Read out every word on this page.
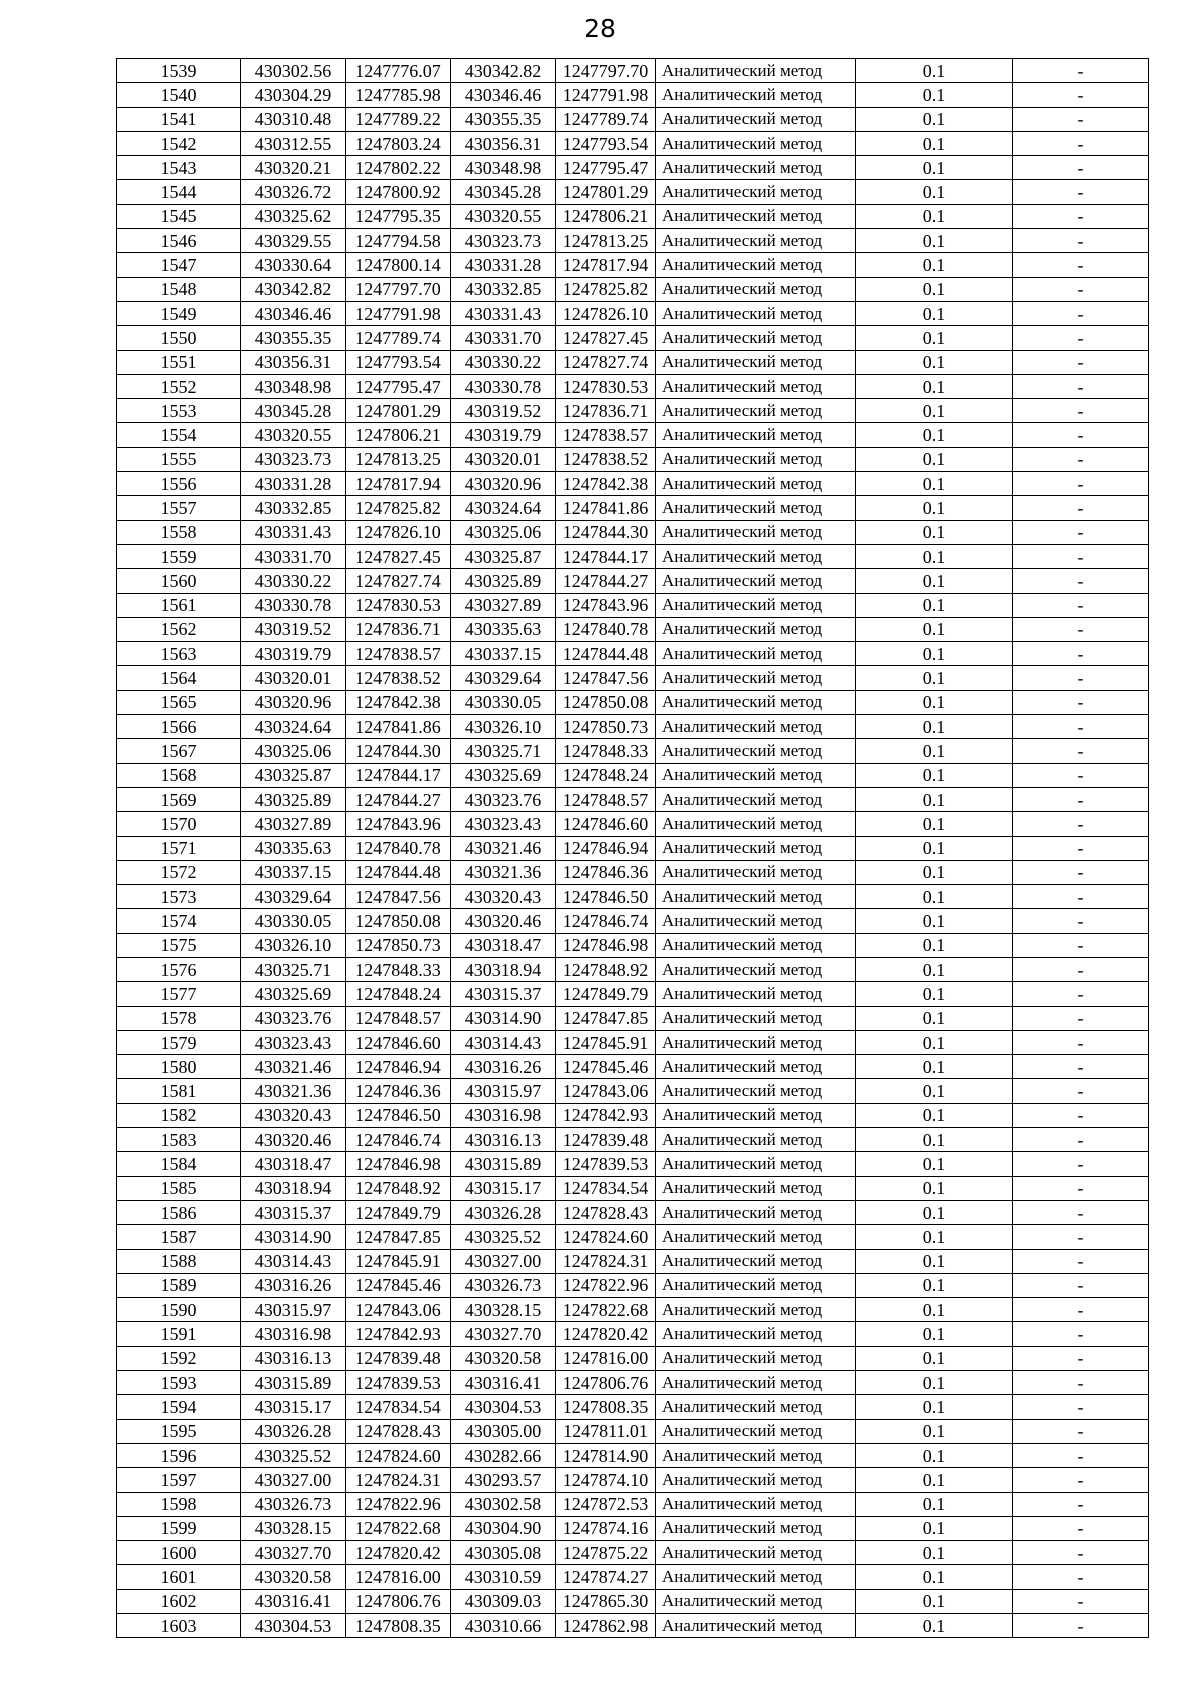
28
1539	430302.56	1247776.07	430342.82	1247797.70	Аналитический метод	0.1	-
1540	430304.29	1247785.98	430346.46	1247791.98	Аналитический метод	0.1	-
1541	430310.48	1247789.22	430355.35	1247789.74	Аналитический метод	0.1	-
1542	430312.55	1247803.24	430356.31	1247793.54	Аналитический метод	0.1	-
1543	430320.21	1247802.22	430348.98	1247795.47	Аналитический метод	0.1	-
1544	430326.72	1247800.92	430345.28	1247801.29	Аналитический метод	0.1	-
1545	430325.62	1247795.35	430320.55	1247806.21	Аналитический метод	0.1	-
1546	430329.55	1247794.58	430323.73	1247813.25	Аналитический метод	0.1	-
1547	430330.64	1247800.14	430331.28	1247817.94	Аналитический метод	0.1	-
1548	430342.82	1247797.70	430332.85	1247825.82	Аналитический метод	0.1	-
1549	430346.46	1247791.98	430331.43	1247826.10	Аналитический метод	0.1	-
1550	430355.35	1247789.74	430331.70	1247827.45	Аналитический метод	0.1	-
1551	430356.31	1247793.54	430330.22	1247827.74	Аналитический метод	0.1	-
1552	430348.98	1247795.47	430330.78	1247830.53	Аналитический метод	0.1	-
1553	430345.28	1247801.29	430319.52	1247836.71	Аналитический метод	0.1	-
1554	430320.55	1247806.21	430319.79	1247838.57	Аналитический метод	0.1	-
1555	430323.73	1247813.25	430320.01	1247838.52	Аналитический метод	0.1	-
1556	430331.28	1247817.94	430320.96	1247842.38	Аналитический метод	0.1	-
1557	430332.85	1247825.82	430324.64	1247841.86	Аналитический метод	0.1	-
1558	430331.43	1247826.10	430325.06	1247844.30	Аналитический метод	0.1	-
1559	430331.70	1247827.45	430325.87	1247844.17	Аналитический метод	0.1	-
1560	430330.22	1247827.74	430325.89	1247844.27	Аналитический метод	0.1	-
1561	430330.78	1247830.53	430327.89	1247843.96	Аналитический метод	0.1	-
1562	430319.52	1247836.71	430335.63	1247840.78	Аналитический метод	0.1	-
1563	430319.79	1247838.57	430337.15	1247844.48	Аналитический метод	0.1	-
1564	430320.01	1247838.52	430329.64	1247847.56	Аналитический метод	0.1	-
1565	430320.96	1247842.38	430330.05	1247850.08	Аналитический метод	0.1	-
1566	430324.64	1247841.86	430326.10	1247850.73	Аналитический метод	0.1	-
1567	430325.06	1247844.30	430325.71	1247848.33	Аналитический метод	0.1	-
1568	430325.87	1247844.17	430325.69	1247848.24	Аналитический метод	0.1	-
1569	430325.89	1247844.27	430323.76	1247848.57	Аналитический метод	0.1	-
1570	430327.89	1247843.96	430323.43	1247846.60	Аналитический метод	0.1	-
1571	430335.63	1247840.78	430321.46	1247846.94	Аналитический метод	0.1	-
1572	430337.15	1247844.48	430321.36	1247846.36	Аналитический метод	0.1	-
1573	430329.64	1247847.56	430320.43	1247846.50	Аналитический метод	0.1	-
1574	430330.05	1247850.08	430320.46	1247846.74	Аналитический метод	0.1	-
1575	430326.10	1247850.73	430318.47	1247846.98	Аналитический метод	0.1	-
1576	430325.71	1247848.33	430318.94	1247848.92	Аналитический метод	0.1	-
1577	430325.69	1247848.24	430315.37	1247849.79	Аналитический метод	0.1	-
1578	430323.76	1247848.57	430314.90	1247847.85	Аналитический метод	0.1	-
1579	430323.43	1247846.60	430314.43	1247845.91	Аналитический метод	0.1	-
1580	430321.46	1247846.94	430316.26	1247845.46	Аналитический метод	0.1	-
1581	430321.36	1247846.36	430315.97	1247843.06	Аналитический метод	0.1	-
1582	430320.43	1247846.50	430316.98	1247842.93	Аналитический метод	0.1	-
1583	430320.46	1247846.74	430316.13	1247839.48	Аналитический метод	0.1	-
1584	430318.47	1247846.98	430315.89	1247839.53	Аналитический метод	0.1	-
1585	430318.94	1247848.92	430315.17	1247834.54	Аналитический метод	0.1	-
1586	430315.37	1247849.79	430326.28	1247828.43	Аналитический метод	0.1	-
1587	430314.90	1247847.85	430325.52	1247824.60	Аналитический метод	0.1	-
1588	430314.43	1247845.91	430327.00	1247824.31	Аналитический метод	0.1	-
1589	430316.26	1247845.46	430326.73	1247822.96	Аналитический метод	0.1	-
1590	430315.97	1247843.06	430328.15	1247822.68	Аналитический метод	0.1	-
1591	430316.98	1247842.93	430327.70	1247820.42	Аналитический метод	0.1	-
1592	430316.13	1247839.48	430320.58	1247816.00	Аналитический метод	0.1	-
1593	430315.89	1247839.53	430316.41	1247806.76	Аналитический метод	0.1	-
1594	430315.17	1247834.54	430304.53	1247808.35	Аналитический метод	0.1	-
1595	430326.28	1247828.43	430305.00	1247811.01	Аналитический метод	0.1	-
1596	430325.52	1247824.60	430282.66	1247814.90	Аналитический метод	0.1	-
1597	430327.00	1247824.31	430293.57	1247874.10	Аналитический метод	0.1	-
1598	430326.73	1247822.96	430302.58	1247872.53	Аналитический метод	0.1	-
1599	430328.15	1247822.68	430304.90	1247874.16	Аналитический метод	0.1	-
1600	430327.70	1247820.42	430305.08	1247875.22	Аналитический метод	0.1	-
1601	430320.58	1247816.00	430310.59	1247874.27	Аналитический метод	0.1	-
1602	430316.41	1247806.76	430309.03	1247865.30	Аналитический метод	0.1	-
1603	430304.53	1247808.35	430310.66	1247862.98	Аналитический метод	0.1	-
